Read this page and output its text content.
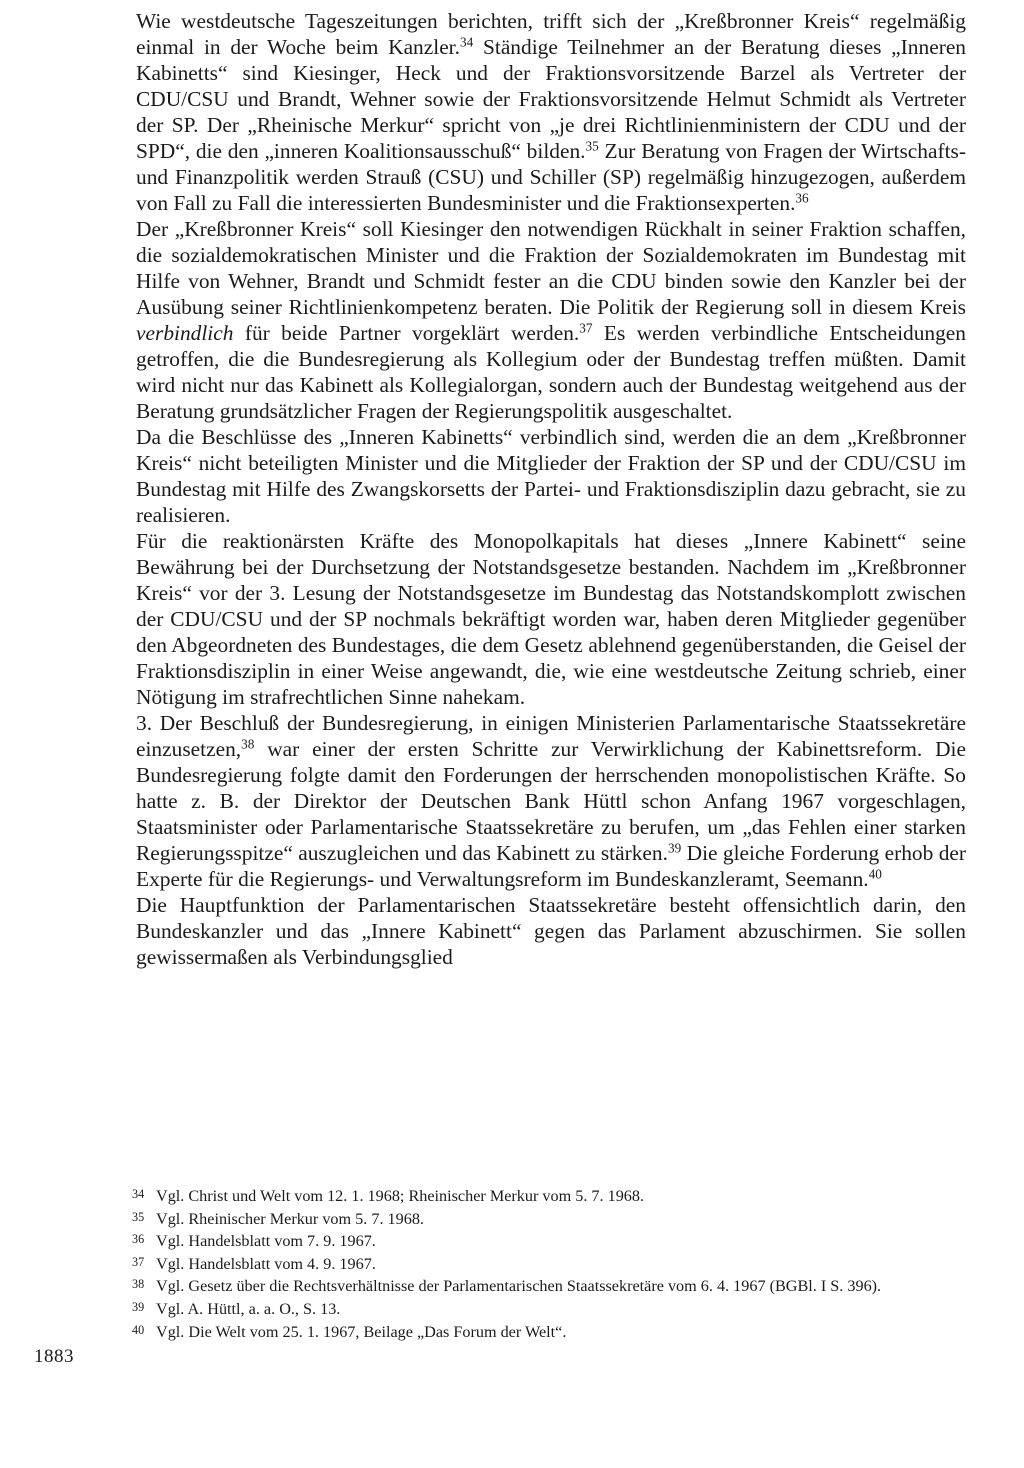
Wie westdeutsche Tageszeitungen berichten, trifft sich der „Kreßbronner Kreis“ regelmäßig einmal in der Woche beim Kanzler.$^{34}$ Ständige Teilnehmer an der Beratung dieses „Inneren Kabinetts“ sind Kiesinger, Heck und der Fraktionsvorsitzende Barzel als Vertreter der CDU/CSU und Brandt, Wehner sowie der Fraktionsvorsitzende Helmut Schmidt als Vertreter der SP. Der „Rheinische Merkur“ spricht von „je drei Richtlinienministern der CDU und der SPD“, die den „inneren Koalitionsausschuß“ bilden.$^{35}$ Zur Beratung von Fragen der Wirtschafts- und Finanzpolitik werden Strauß (CSU) und Schiller (SP) regelmäßig hinzugezogen, außerdem von Fall zu Fall die interessierten Bundesminister und die Fraktionsexperten.$^{36}$

Der „Kreßbronner Kreis“ soll Kiesinger den notwendigen Rückhalt in seiner Fraktion schaffen, die sozialdemokratischen Minister und die Fraktion der Sozialdemokraten im Bundestag mit Hilfe von Wehner, Brandt und Schmidt fester an die CDU binden sowie den Kanzler bei der Ausübung seiner Richtlinienkompetenz beraten. Die Politik der Regierung soll in diesem Kreis verbindlich für beide Partner vorgeklärt werden.$^{37}$ Es werden verbindliche Entscheidungen getroffen, die die Bundesregierung als Kollegium oder der Bundestag treffen müßten. Damit wird nicht nur das Kabinett als Kollegialorgan, sondern auch der Bundestag weitgehend aus der Beratung grundsätzlicher Fragen der Regierungspolitik ausgeschaltet.

Da die Beschlüsse des „Inneren Kabinetts“ verbindlich sind, werden die an dem „Kreßbronner Kreis“ nicht beteiligten Minister und die Mitglieder der Fraktion der SP und der CDU/CSU im Bundestag mit Hilfe des Zwangskorsetts der Partei- und Fraktionsdisziplin dazu gebracht, sie zu realisieren.

Für die reaktionärsten Kräfte des Monopolkapitals hat dieses „Innere Kabinett“ seine Bewährung bei der Durchsetzung der Notstandsgesetze bestanden. Nachdem im „Kreßbronner Kreis“ vor der 3. Lesung der Notstandsgesetze im Bundestag das Notstandskomplott zwischen der CDU/CSU und der SP nochmals bekräftigt worden war, haben deren Mitglieder gegenüber den Abgeordneten des Bundestages, die dem Gesetz ablehnend gegenüberstanden, die Geisel der Fraktionsdisziplin in einer Weise angewandt, die, wie eine westdeutsche Zeitung schrieb, einer Nötigung im strafrechtlichen Sinne nahekam.

3. Der Beschluß der Bundesregierung, in einigen Ministerien Parlamentarische Staatssekretäre einzusetzen,$^{38}$ war einer der ersten Schritte zur Verwirklichung der Kabinettsreform. Die Bundesregierung folgte damit den Forderungen der herrschenden monopolistischen Kräfte. So hatte z. B. der Direktor der Deutschen Bank Hüttl schon Anfang 1967 vorgeschlagen, Staatsminister oder Parlamentarische Staatssekretäre zu berufen, um „das Fehlen einer starken Regierungsspitze“ auszugleichen und das Kabinett zu stärken.$^{39}$ Die gleiche Forderung erhob der Experte für die Regierungs- und Verwaltungsreform im Bundeskanzleramt, Seemann.$^{40}$

Die Hauptfunktion der Parlamentarischen Staatssekretäre besteht offensichtlich darin, den Bundeskanzler und das „Innere Kabinett“ gegen das Parlament abzuschirmen. Sie sollen gewissermaßen als Verbindungsglied

34 Vgl. Christ und Welt vom 12. 1. 1968; Rheinischer Merkur vom 5. 7. 1968.
35 Vgl. Rheinischer Merkur vom 5. 7. 1968.
36 Vgl. Handelsblatt vom 7. 9. 1967.
37 Vgl. Handelsblatt vom 4. 9. 1967.
38 Vgl. Gesetz über die Rechtsverhältnisse der Parlamentarischen Staatssekretäre vom 6. 4. 1967 (BGBl. I S. 396).
39 Vgl. A. Hüttl, a. a. O., S. 13.
40 Vgl. Die Welt vom 25. 1. 1967, Beilage „Das Forum der Welt“.
1883
